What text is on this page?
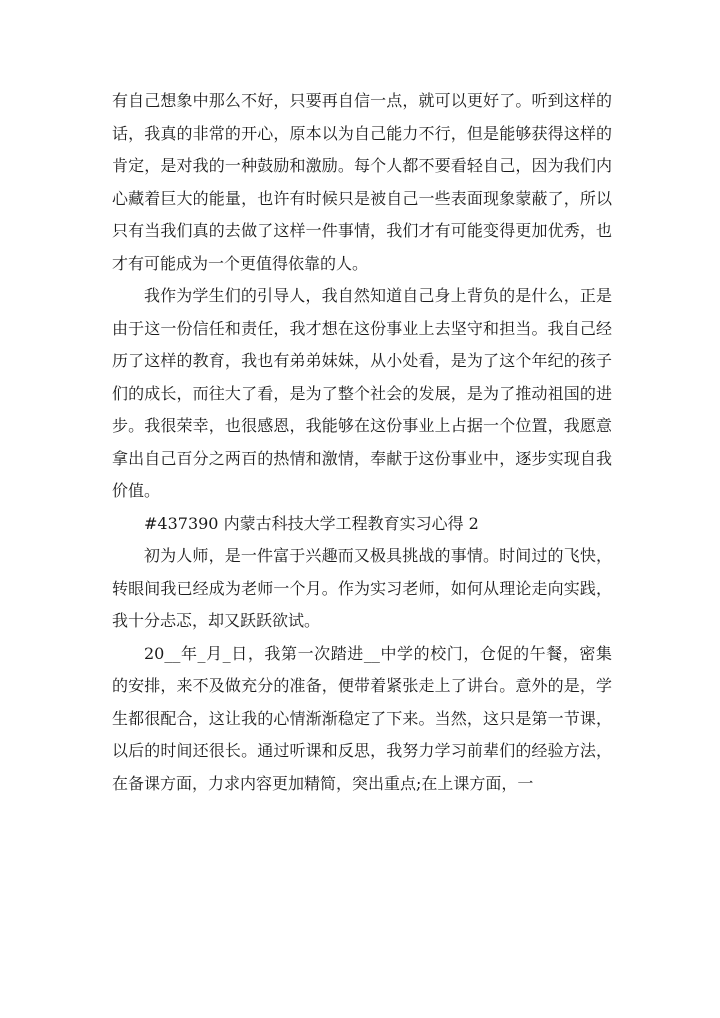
有自己想象中那么不好，只要再自信一点，就可以更好了。听到这样的话，我真的非常的开心，原本以为自己能力不行，但是能够获得这样的肯定，是对我的一种鼓励和激励。每个人都不要看轻自己，因为我们内心藏着巨大的能量，也许有时候只是被自己一些表面现象蒙蔽了，所以只有当我们真的去做了这样一件事情，我们才有可能变得更加优秀，也才有可能成为一个更值得依靠的人。

我作为学生们的引导人，我自然知道自己身上背负的是什么，正是由于这一份信任和责任，我才想在这份事业上去坚守和担当。我自己经历了这样的教育，我也有弟弟妹妹，从小处看，是为了这个年纪的孩子们的成长，而往大了看，是为了整个社会的发展，是为了推动祖国的进步。我很荣幸，也很感恩，我能够在这份事业上占据一个位置，我愿意拿出自己百分之两百的热情和激情，奉献于这份事业中，逐步实现自我价值。

#437390 内蒙古科技大学工程教育实习心得 2

初为人师，是一件富于兴趣而又极具挑战的事情。时间过的飞快，转眼间我已经成为老师一个月。作为实习老师，如何从理论走向实践，我十分忐忑，却又跃跃欲试。

20__年_月_日，我第一次踏进__中学的校门，仓促的午餐，密集的安排，来不及做充分的准备，便带着紧张走上了讲台。意外的是，学生都很配合，这让我的心情渐渐稳定了下来。当然，这只是第一节课，以后的时间还很长。通过听课和反思，我努力学习前辈们的经验方法，在备课方面，力求内容更加精简，突出重点;在上课方面，一
